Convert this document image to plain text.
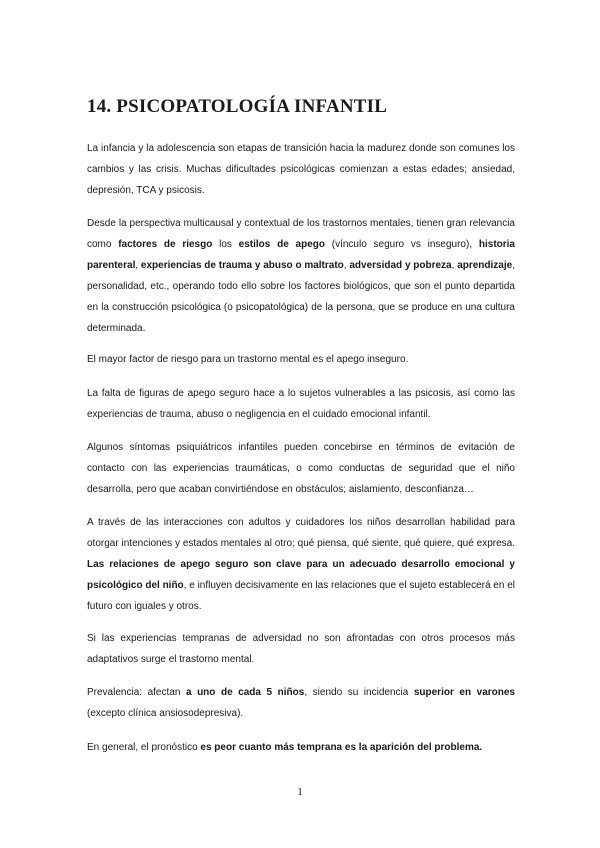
14. PSICOPATOLOGÍA INFANTIL

La infancia y la adolescencia son etapas de transición hacia la madurez donde son comunes los cambios y las crisis. Muchas dificultades psicológicas comienzan a estas edades; ansiedad, depresión, TCA y psicosis.

Desde la perspectiva multicausal y contextual de los trastornos mentales, tienen gran relevancia como factores de riesgo los estilos de apego (vínculo seguro vs inseguro), historia parenteral, experiencias de trauma y abuso o maltrato, adversidad y pobreza, aprendizaje, personalidad, etc., operando todo ello sobre los factores biológicos, que son el punto departida en la construcción psicológica (o psicopatológica) de la persona, que se produce en una cultura determinada.

El mayor factor de riesgo para un trastorno mental es el apego inseguro.

La falta de figuras de apego seguro hace a lo sujetos vulnerables a las psicosis, así como las experiencias de trauma, abuso o negligencia en el cuidado emocional infantil.

Algunos síntomas psiquiátricos infantiles pueden concebirse en términos de evitación de contacto con las experiencias traumáticas, o como conductas de seguridad que el niño desarrolla, pero que acaban convirtiéndose en obstáculos; aislamiento, desconfianza…

A través de las interacciones con adultos y cuidadores los niños desarrollan habilidad para otorgar intenciones y estados mentales al otro; qué piensa, qué siente, qué quiere, qué expresa. Las relaciones de apego seguro son clave para un adecuado desarrollo emocional y psicológico del niño, e influyen decisivamente en las relaciones que el sujeto establecerá en el futuro con iguales y otros.

Si las experiencias tempranas de adversidad no son afrontadas con otros procesos más adaptativos surge el trastorno mental.

Prevalencia: afectan a uno de cada 5 niños, siendo su incidencia superior en varones (excepto clínica ansiosodepresiva).

En general, el pronóstico es peor cuanto más temprana es la aparición del problema.

1
